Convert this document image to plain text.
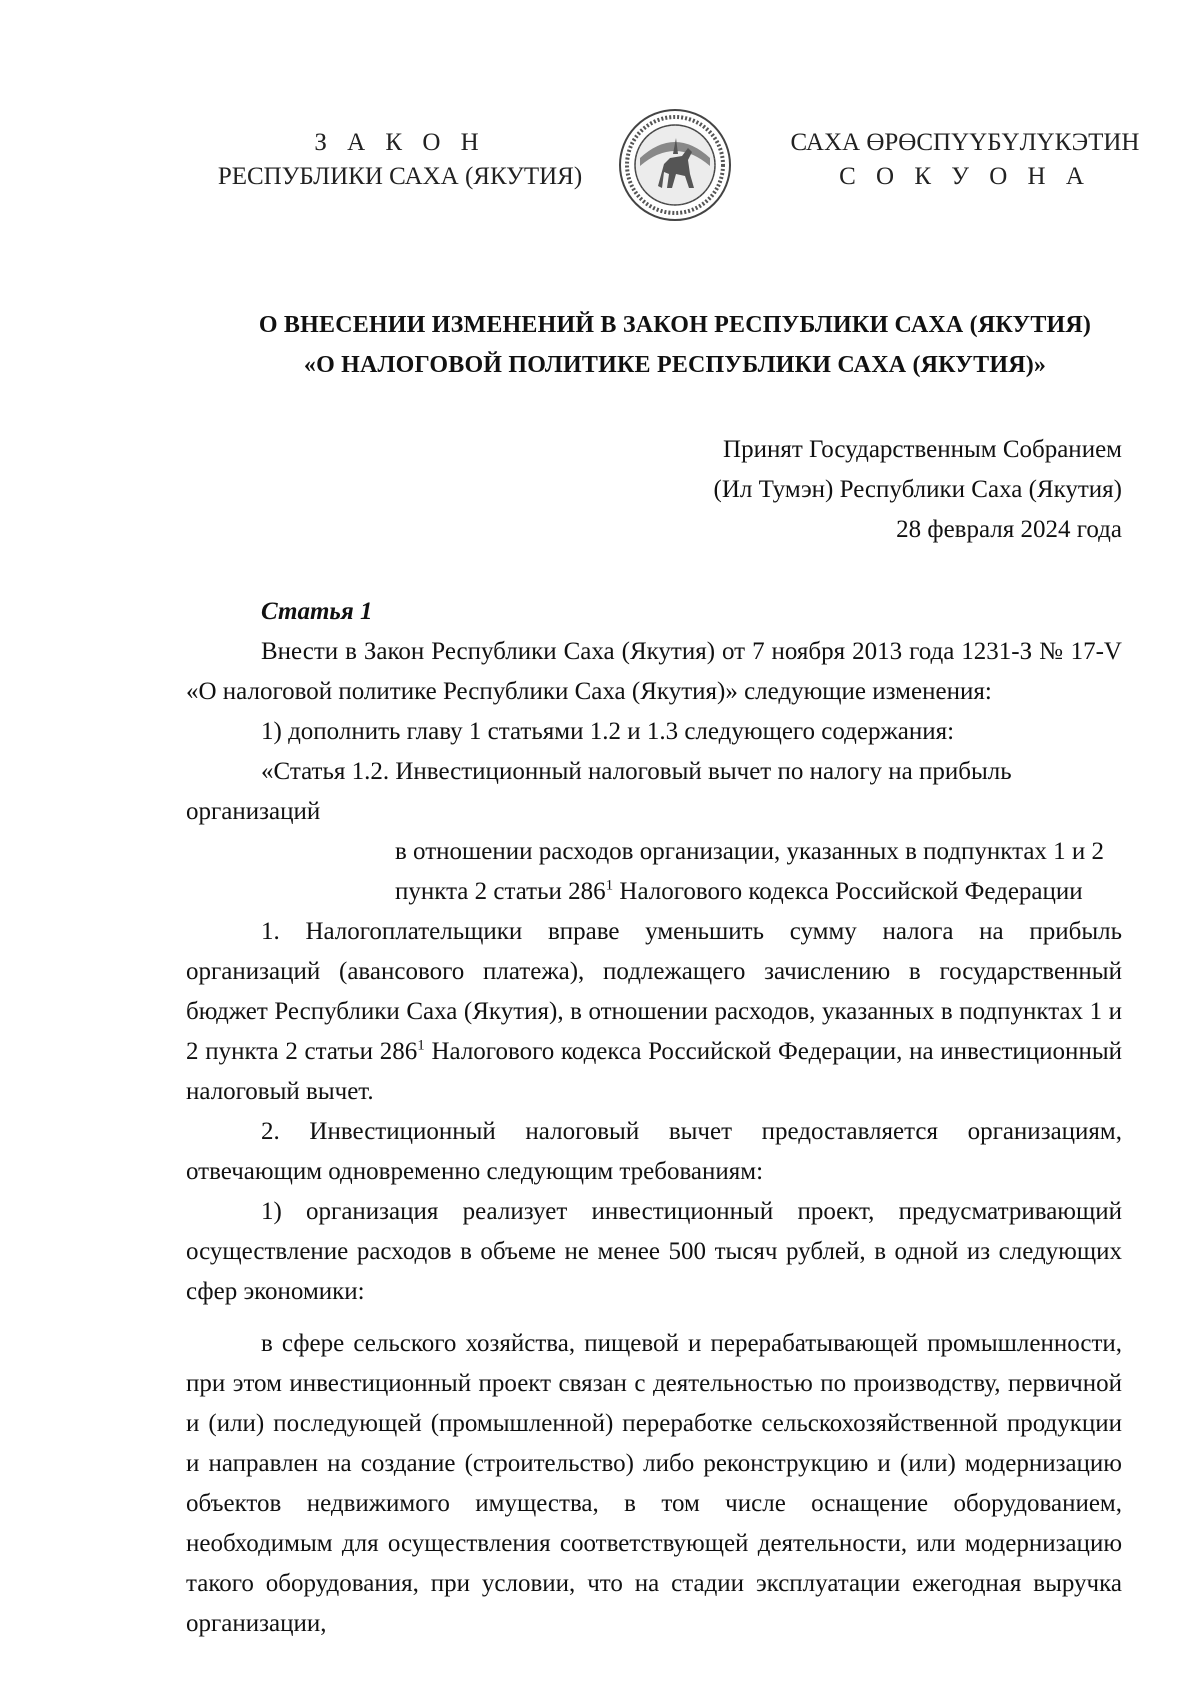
З А К О Н
РЕСПУБЛИКИ САХА (ЯКУТИЯ)
САХА ӨРӨСПҮҮБҮЛҮКЭТИН
С О К У О Н А
О ВНЕСЕНИИ ИЗМЕНЕНИЙ В ЗАКОН РЕСПУБЛИКИ САХА (ЯКУТИЯ)
«О НАЛОГОВОЙ ПОЛИТИКЕ РЕСПУБЛИКИ САХА (ЯКУТИЯ)»
Принят Государственным Собранием
(Ил Тумэн) Республики Саха (Якутия)
28 февраля 2024 года

Статья 1

Внести в Закон Республики Саха (Якутия) от 7 ноября 2013 года 1231-З № 17-V «О налоговой политике Республики Саха (Якутия)» следующие изменения:

1) дополнить главу 1 статьями 1.2 и 1.3 следующего содержания:

«Статья 1.2. Инвестиционный налоговый вычет по налогу на прибыль организаций
в отношении расходов организации, указанных в подпунктах 1 и 2
пункта 2 статьи $286^1$ Налогового кодекса Российской Федерации

1. Налогоплательщики вправе уменьшить сумму налога на прибыль организаций (авансового платежа), подлежащего зачислению в государственный бюджет Республики Саха (Якутия), в отношении расходов, указанных в подпунктах 1 и 2 пункта 2 статьи $286^1$ Налогового кодекса Российской Федерации, на инвестиционный налоговый вычет.

2. Инвестиционный налоговый вычет предоставляется организациям, отвечающим одновременно следующим требованиям:

1) организация реализует инвестиционный проект, предусматривающий осуществление расходов в объеме не менее 500 тысяч рублей, в одной из следующих сфер экономики:

в сфере сельского хозяйства, пищевой и перерабатывающей промышленности, при этом инвестиционный проект связан с деятельностью по производству, первичной и (или) последующей (промышленной) переработке сельскохозяйственной продукции и направлен на создание (строительство) либо реконструкцию и (или) модернизацию объектов недвижимого имущества, в том числе оснащение оборудованием, необходимым для осуществления соответствующей деятельности, или модернизацию такого оборудования, при условии, что на стадии эксплуатации ежегодная выручка организации,
